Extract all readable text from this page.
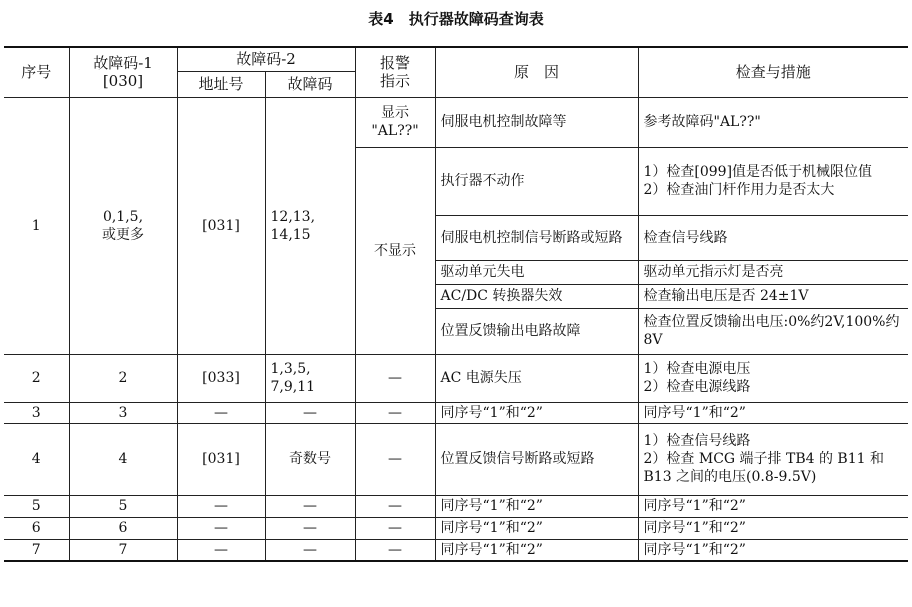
表4　执行器故障码查询表
序号	故障码-1
[030]	故障码-2		报警
指示	原　因	检查与措施
		地址号	故障码			
1	0,1,5,
或更多	[031]	12,13,
14,15	显示
"AL??"	伺服电机控制故障等	参考故障码"AL??"
				不显示	执行器不动作	1）检查[099]值是否低于机械限位值
2）检查油门杆作用力是否太大

					伺服电机控制信号断路或短路	检查信号线路
					驱动单元失电	驱动单元指示灯是否亮
					AC/DC 转换器失效	检查输出电压是否 24±1V
					位置反馈输出电路故障	检查位置反馈输出电压:0%约2V,100%约8V
2	2	[033]	1,3,5,
7,9,11	—	AC 电源失压	1）检查电源电压
2）检查电源线路

3	3	—	—	—	同序号“1”和“2”	同序号“1”和“2”
4	4	[031]	奇数号	—	位置反馈信号断路或短路	1）检查信号线路
2）检查 MCG 端子排 TB4 的 B11 和 B13 之间的电压(0.8-9.5V)

5	5	—	—	—	同序号“1”和“2”	同序号“1”和“2”
6	6	—	—	—	同序号“1”和“2”	同序号“1”和“2”
7	7	—	—	—	同序号“1”和“2”	同序号“1”和“2”
